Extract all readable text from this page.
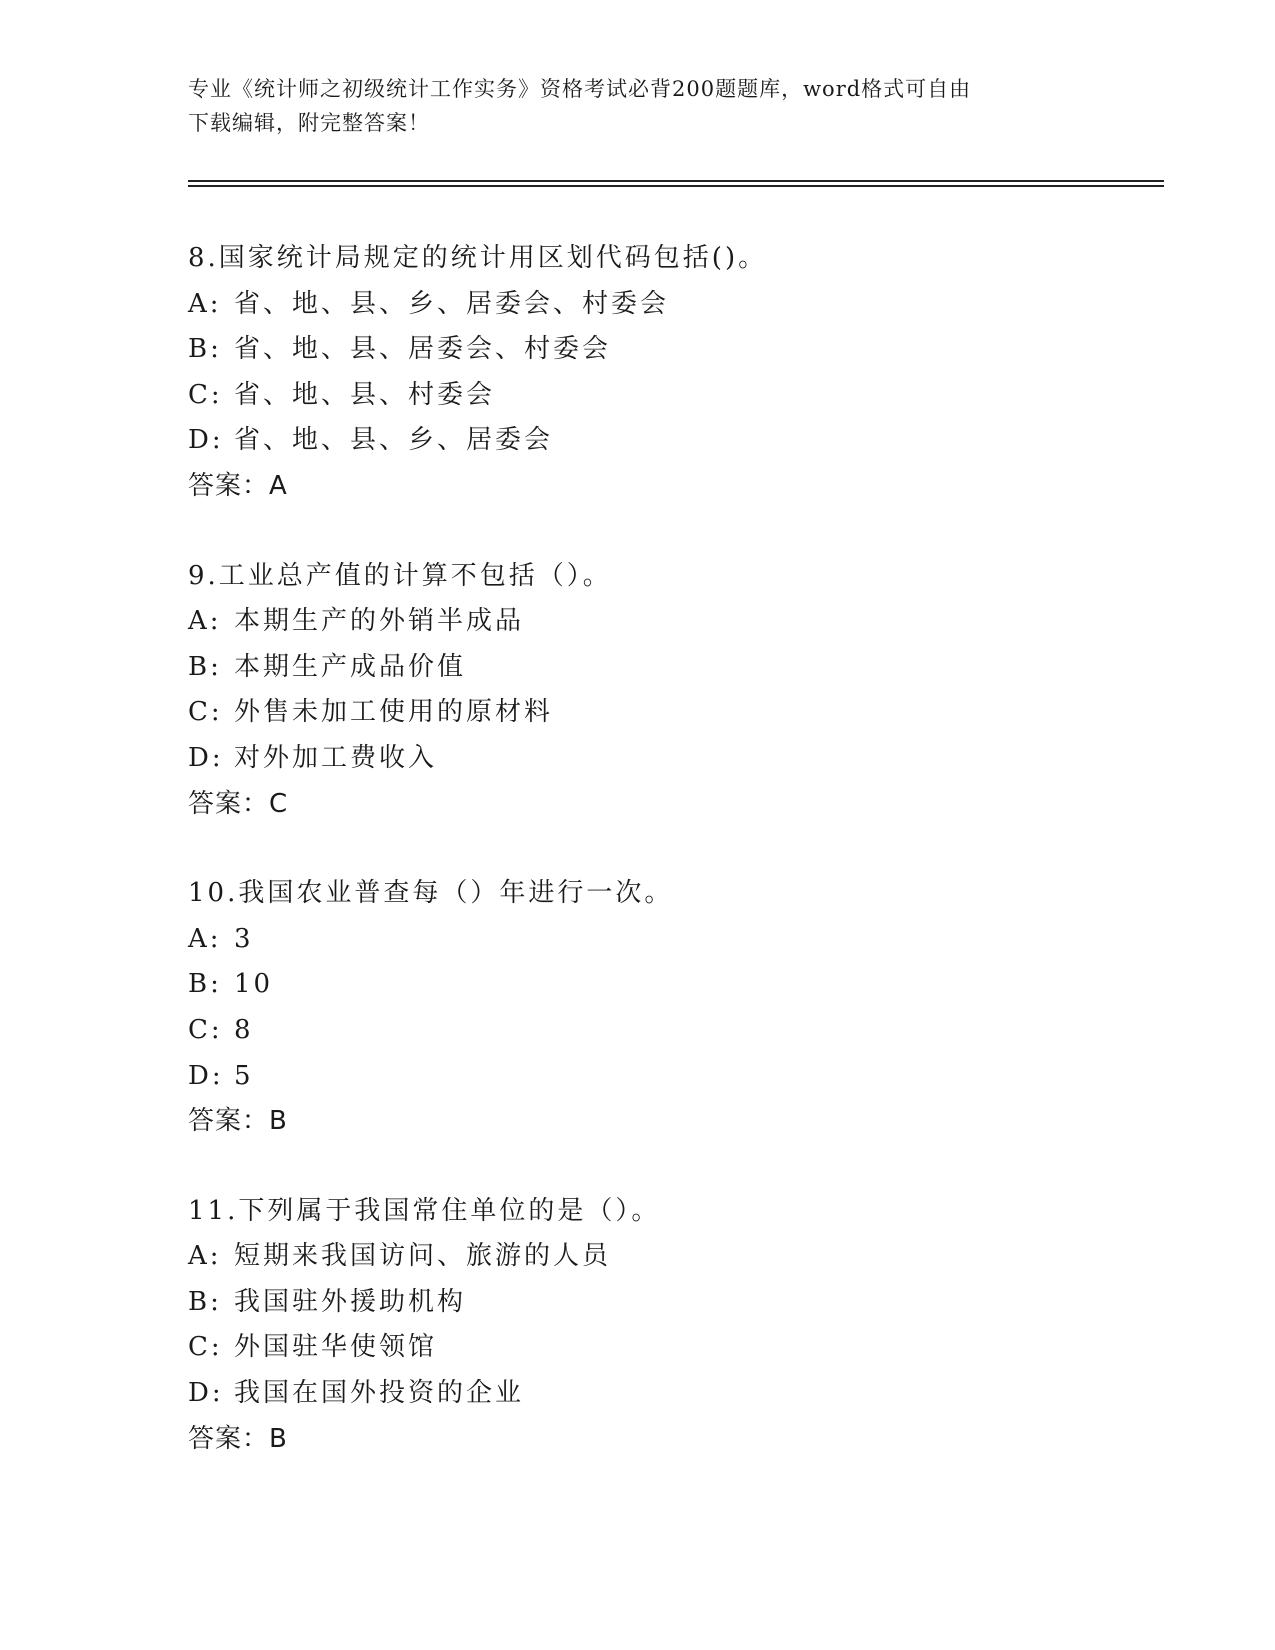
专业《统计师之初级统计工作实务》资格考试必背200题题库，word格式可自由
下载编辑，附完整答案！
8.国家统计局规定的统计用区划代码包括()。
A: 省、地、县、乡、居委会、村委会
B: 省、地、县、居委会、村委会
C: 省、地、县、村委会
D: 省、地、县、乡、居委会
答案：A
9.工业总产值的计算不包括（）。
A: 本期生产的外销半成品
B: 本期生产成品价值
C: 外售未加工使用的原材料
D: 对外加工费收入
答案：C
10.我国农业普查每（）年进行一次。
A: 3
B: 10
C: 8
D: 5
答案：B
11.下列属于我国常住单位的是（）。
A: 短期来我国访问、旅游的人员
B: 我国驻外援助机构
C: 外国驻华使领馆
D: 我国在国外投资的企业
答案：B
